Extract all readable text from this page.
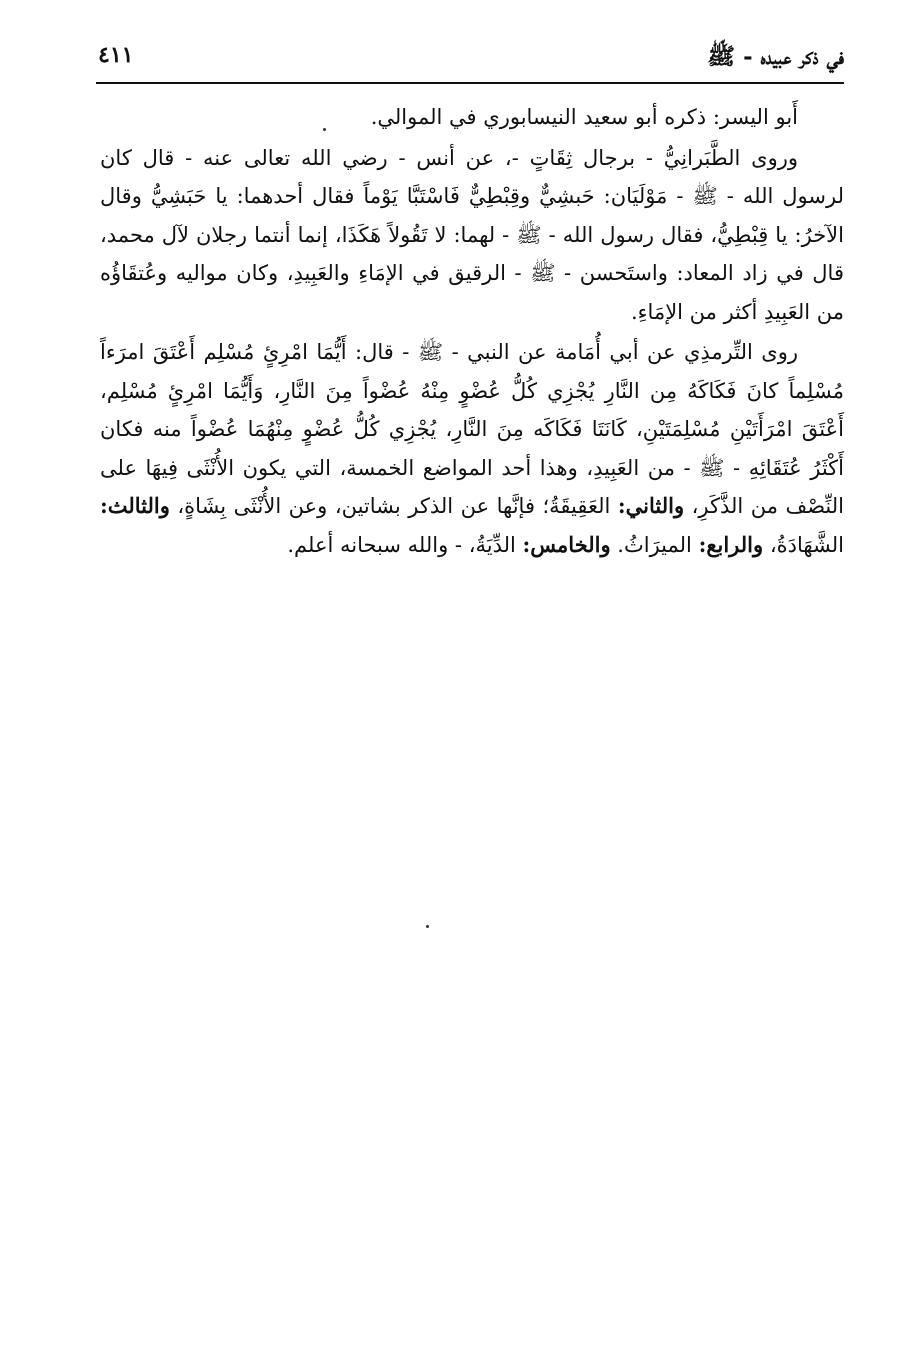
في ذكر عبيده - ﷺ
٤١١

أَبو اليسر: ذكره أبو سعيد النيسابوري في الموالي.

وروى الطَّبَرانِيُّ - برجال ثِقَاتٍ -، عن أنس - رضي الله تعالى عنه - قال كان لرسول الله - ﷺ - مَوْلَيَان: حَبشِيٌّ وقِبْطِيٌّ فَاسْتَبَّا يَوْماً فقال أحدهما: يا حَبَشِيُّ وقال الآخرُ: يا قِبْطِيُّ، فقال رسول الله - ﷺ - لهما: لا تَقُولاً هَكَذَا، إنما أنتما رجلان لآل محمد، قال في زاد المعاد: واستَحسن - ﷺ - الرقيق في الإمَاءِ والعَبِيدِ، وكان مواليه وعُتقَاؤُه من العَبِيدِ أكثر من الإمَاءِ.

روى التِّرمذِي عن أبي أُمَامة عن النبي - ﷺ - قال: أَيُّمَا امْرِئٍ مُسْلِم أَعْتَقَ امرَءاً مُسْلِماً كانَ فَكَاكَهُ مِن النَّارِ يُجْزِي كُلُّ عُضْوٍ مِنْهُ عُضْواً مِنَ النَّارِ، وَأَيُّمَا امْرِئٍ مُسْلِم، أَعْتَقَ امْرَأَتَيْنِ مُسْلِمَتَيْنِ، كَانَتَا فَكَاكَه مِنَ النَّارِ، يُجْزِي كُلُّ عُضْوٍ مِنْهُمَا عُضْواً منه فكان أَكْثَرُ عُتَقَائِهِ - ﷺ - من العَبِيدِ، وهذا أحد المواضع الخمسة، التي يكون الأُنْثَى فِيهَا على النِّصْف من الذَّكَرِ، والثاني: العَقِيقَةُ؛ فإنَّها عن الذكر بشاتين، وعن الأُنْثَى بِشَاةٍ، والثالث: الشَّهَادَةُ، والرابع: الميرَاثُ. والخامس: الدِّيَةُ، - والله سبحانه أعلم.
